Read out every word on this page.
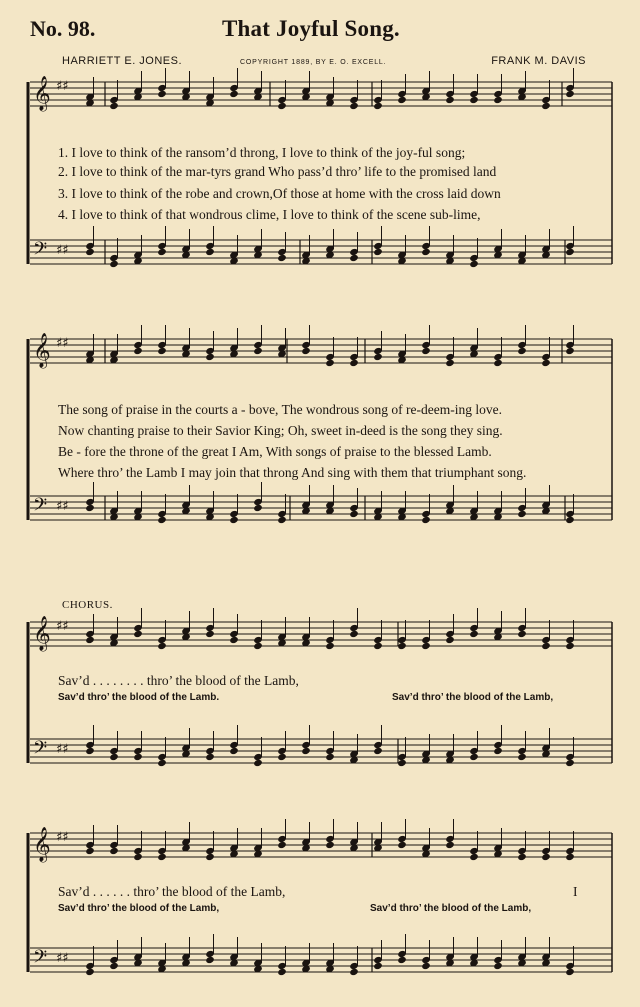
No. 98.	That Joyful Song.
HARRIETT E. JONES.	COPYRIGHT 1889, BY E. O. EXCELL.	FRANK M. DAVIS
𝄞 ♯♯
𝄢 ♯♯
𝄞 ♯♯
𝄢 ♯♯
𝄞 ♯♯
𝄢 ♯♯
𝄞 ♯♯
𝄢 ♯♯
1. I love to think of the ransom’d throng, I love to think of the joy-ful song;
2. I love to think of the mar-tyrs grand Who pass’d thro’ life to the promised land
3. I love to think of the robe and crown,Of those at home with the cross laid down
4. I love to think of that wondrous clime, I love to think of the scene sub-lime,
The song of praise in the courts a - bove, The wondrous song of re-deem-ing love.
Now chanting praise to their Savior King; Oh, sweet in-deed is the song they sing.
Be - fore the throne of the great I Am, With songs of praise to the blessed Lamb.
Where thro’ the Lamb I may join that throng And sing with them that triumphant song.
CHORUS.
Sav’d . . . . . . . . thro’ the blood of the Lamb,
Sav’d thro’ the blood of the Lamb.	Sav’d thro’ the blood of the Lamb,
Sav’d . . . . . . thro’ the blood of the Lamb,	I
Sav’d thro’ the blood of the Lamb,	Sav’d thro’ the blood of the Lamb,
